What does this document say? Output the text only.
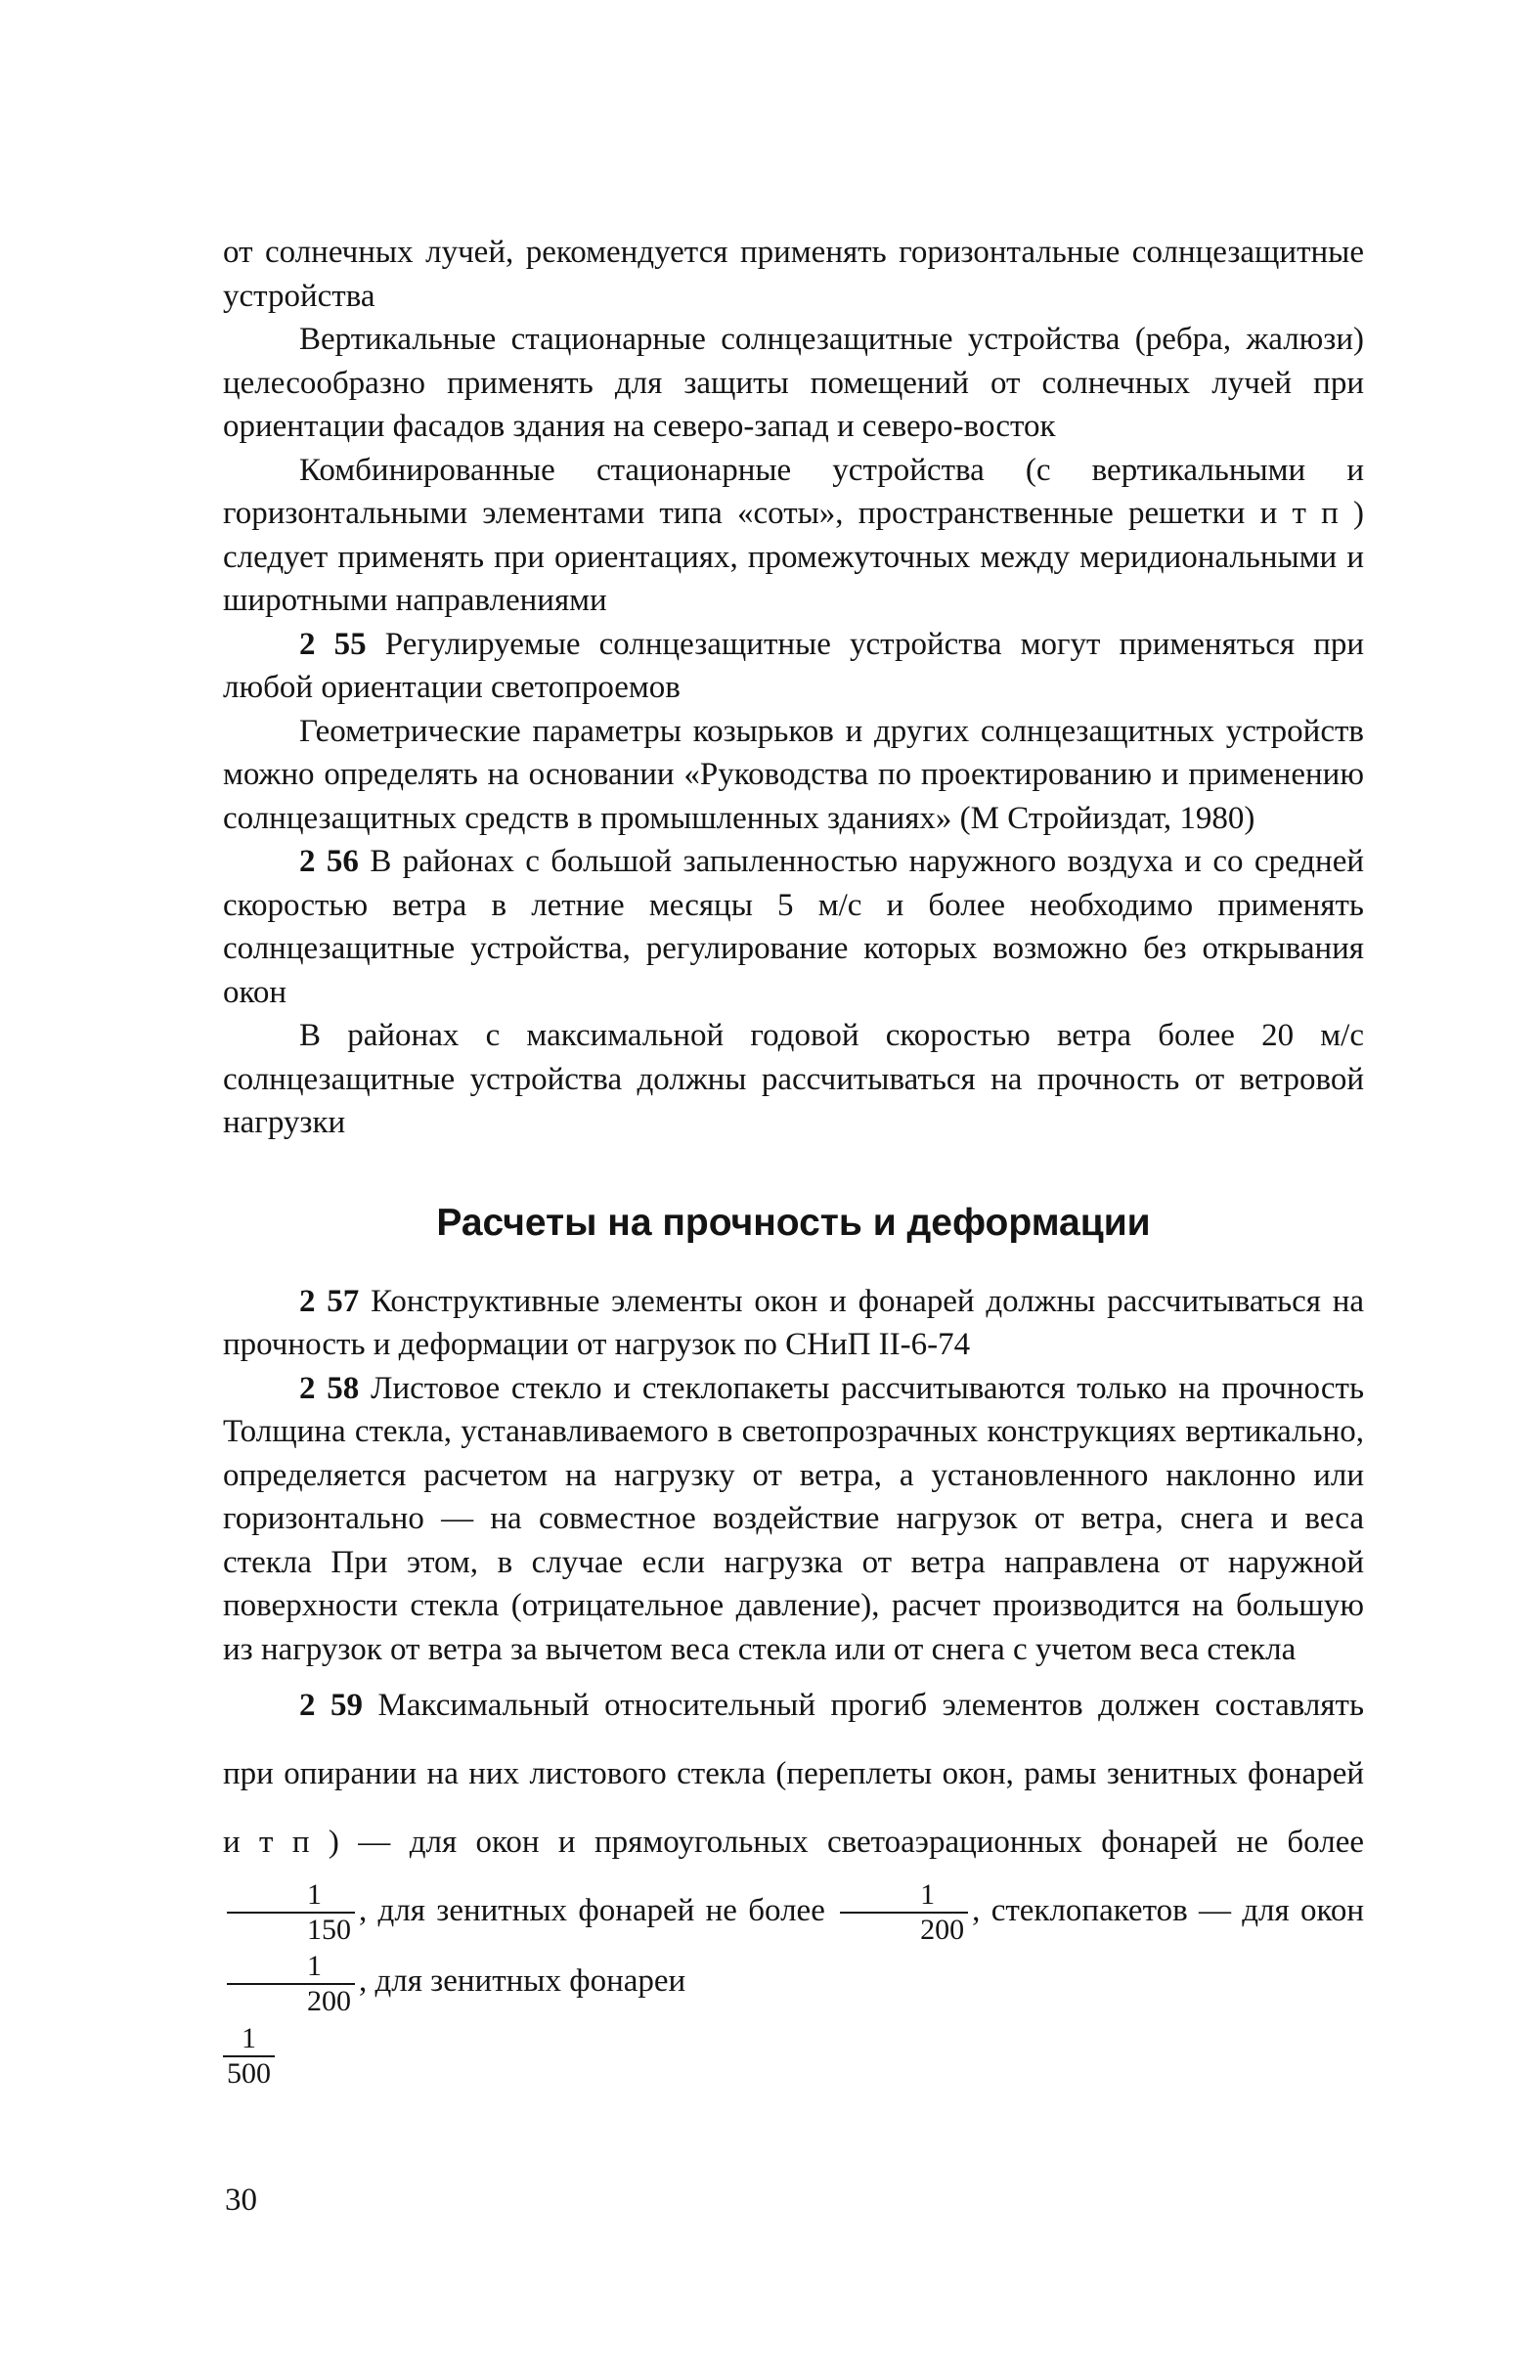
от солнечных лучей, рекомендуется применять горизонтальные солнцезащитные устройства

Вертикальные стационарные солнцезащитные устройства (ребра, жалюзи) целесообразно применять для защиты помещений от солнечных лучей при ориентации фасадов здания на северо-запад и северо-восток

Комбинированные стационарные устройства (с вертикальными и горизонтальными элементами типа «соты», пространственные решетки и т п ) следует применять при ориентациях, промежуточных между меридиональными и широтными направлениями

2 55 Регулируемые солнцезащитные устройства могут применяться при любой ориентации светопроемов

Геометрические параметры козырьков и других солнцезащитных устройств можно определять на основании «Руководства по проектированию и применению солнцезащитных средств в промышленных зданиях» (М Стройиздат, 1980)

2 56 В районах с большой запыленностью наружного воздуха и со средней скоростью ветра в летние месяцы 5 м/с и более необходимо применять солнцезащитные устройства, регулирование которых возможно без открывания окон

В районах с максимальной годовой скоростью ветра более 20 м/с солнцезащитные устройства должны рассчитываться на прочность от ветровой нагрузки

Расчеты на прочность и деформации

2 57 Конструктивные элементы окон и фонарей должны рассчитываться на прочность и деформации от нагрузок по СНиП II-6-74

2 58 Листовое стекло и стеклопакеты рассчитываются только на прочность Толщина стекла, устанавливаемого в светопрозрачных конструкциях вертикально, определяется расчетом на нагрузку от ветра, а установленного наклонно или горизонтально — на совместное воздействие нагрузок от ветра, снега и веса стекла При этом, в случае если нагрузка от ветра направлена от наружной поверхности стекла (отрицательное давление), расчет производится на большую из нагрузок от ветра за вычетом веса стекла или от снега с учетом веса стекла

2 59 Максимальный относительный прогиб элементов должен составлять при опирании на них листового стекла (переплеты окон, рамы зенитных фонарей и т п ) — для окон и прямоугольных светоаэрационных фонарей не более
$\frac{1}{150}$ , для зенитных фонарей не более $\frac{1}{200}$ , стеклопакетов — для окон
$\frac{1}{200}$ , для зенитных фонареи

$\frac{1}{500}$
30
